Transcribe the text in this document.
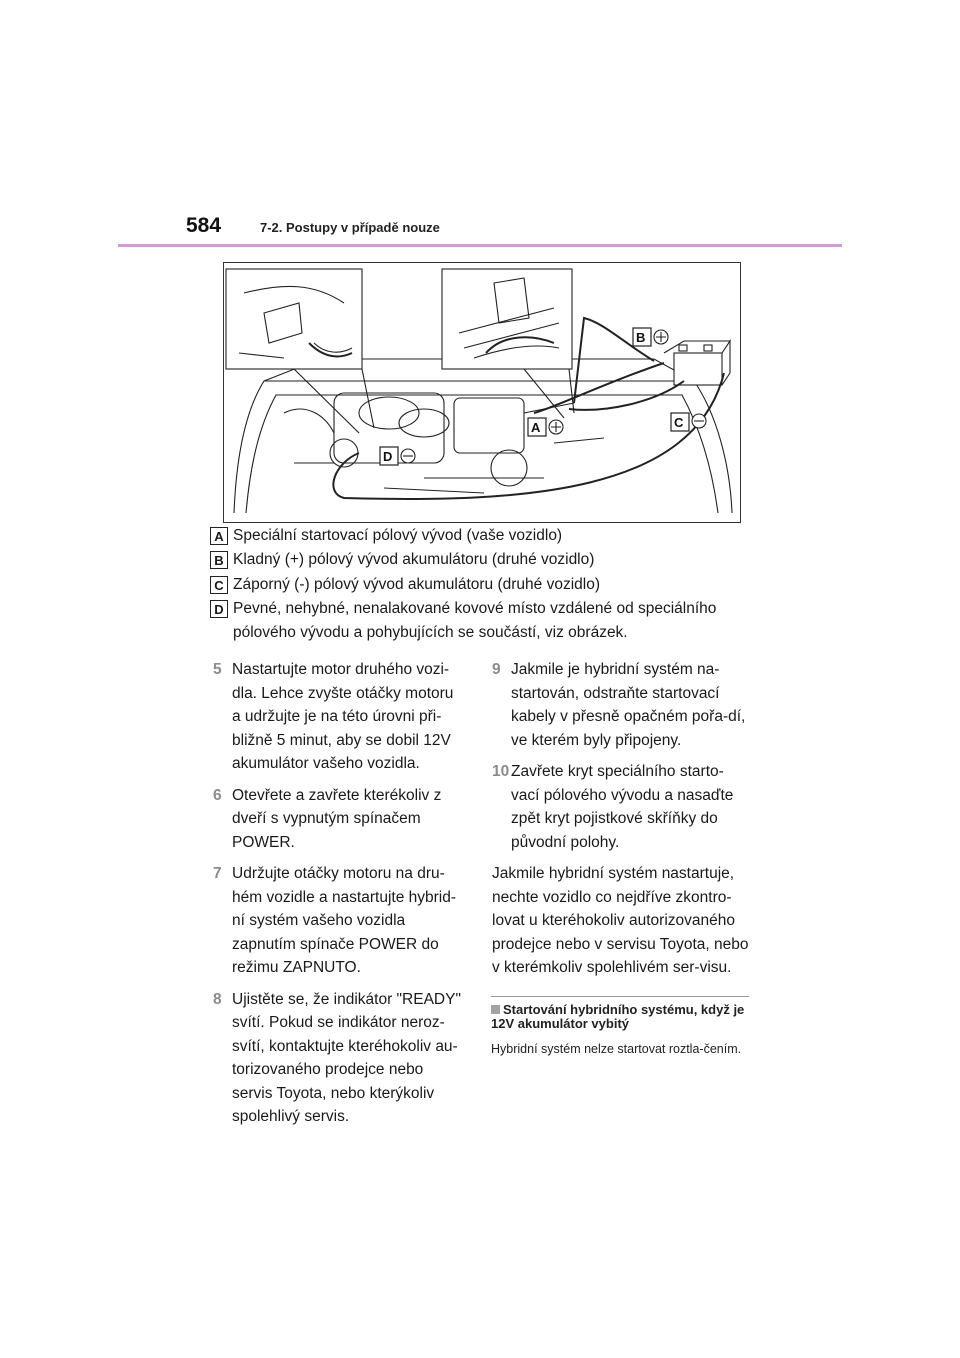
584	7-2. Postupy v případě nouze
B
C
A
D
A Speciální startovací pólový vývod (vaše vozidlo)
B Kladný (+) pólový vývod akumulátoru (druhé vozidlo)
C Záporný (-) pólový vývod akumulátoru (druhé vozidlo)
D Pevné, nehybné, nenalakované kovové místo vzdálené od speciálního pólového vývodu a pohybujících se součástí, viz obrázek.
5 Nastartujte motor druhého vozi-dla. Lehce zvyšte otáčky motoru a udržujte je na této úrovni při-bližně 5 minut, aby se dobil 12V akumulátor vašeho vozidla.
6 Otevřete a zavřete kterékoliv z dveří s vypnutým spínačem POWER.
7 Udržujte otáčky motoru na dru-hém vozidle a nastartujte hybrid-ní systém vašeho vozidla zapnutím spínače POWER do režimu ZAPNUTO.
8 Ujistěte se, že indikátor "READY" svítí. Pokud se indikátor neroz-svítí, kontaktujte kteréhokoliv au-torizovaného prodejce nebo servis Toyota, nebo kterýkoliv spolehlivý servis.
9 Jakmile je hybridní systém na-startován, odstraňte startovací kabely v přesně opačném pořa-dí, ve kterém byly připojeny.
10 Zavřete kryt speciálního starto-vací pólového vývodu a nasaďte zpět kryt pojistkové skříňky do původní polohy.
Jakmile hybridní systém nastartuje, nechte vozidlo co nejdříve zkontro-lovat u kteréhokoliv autorizovaného prodejce nebo v servisu Toyota, nebo v kterémkoliv spolehlivém ser-visu.
Startování hybridního systému, když je 12V akumulátor vybitý
Hybridní systém nelze startovat roztla-čením.
